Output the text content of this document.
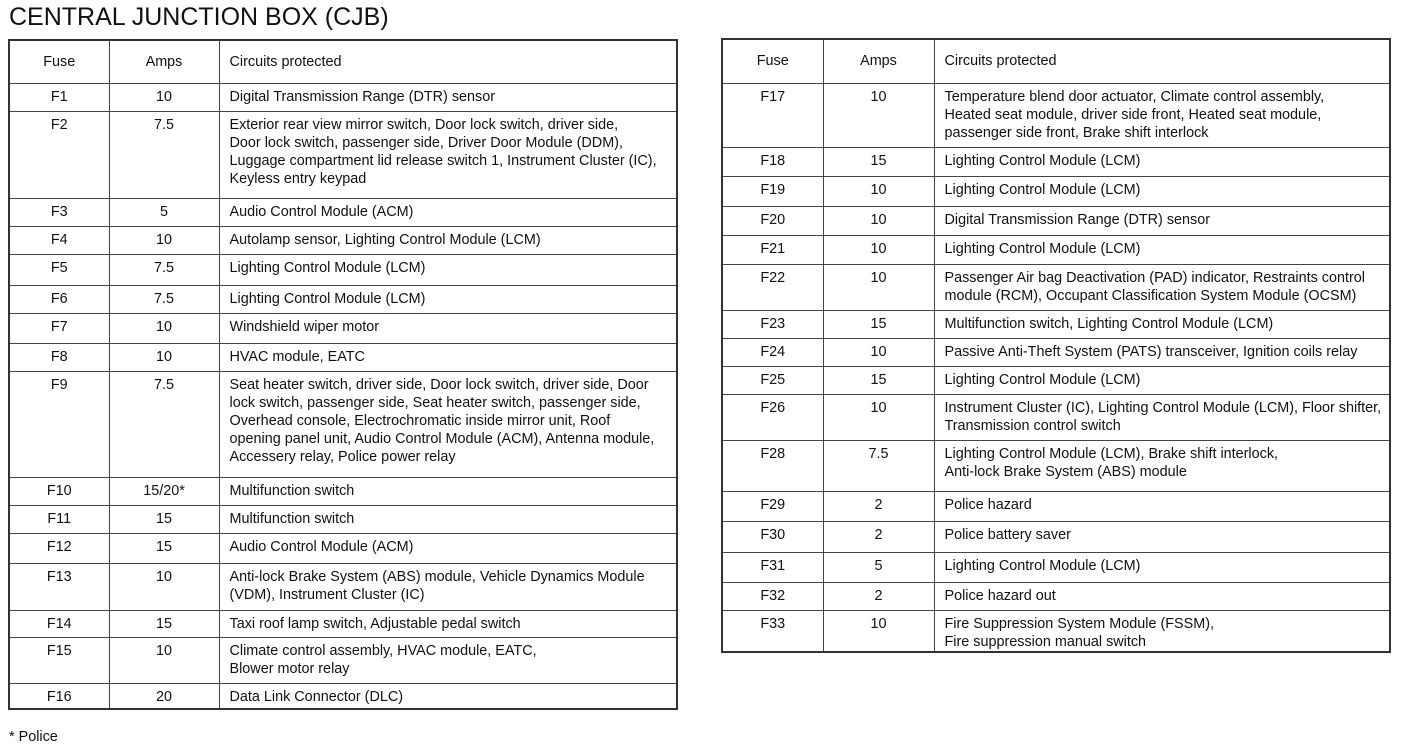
CENTRAL JUNCTION BOX (CJB)
Fuse	Amps	Circuits protected
F1	10	Digital Transmission Range (DTR) sensor

F2	7.5	Exterior rear view mirror switch, Door lock switch, driver side,
Door lock switch, passenger side, Driver Door Module (DDM),
Luggage compartment lid release switch 1, Instrument Cluster (IC),
Keyless entry keypad

F3	5	Audio Control Module (ACM)

F4	10	Autolamp sensor, Lighting Control Module (LCM)

F5	7.5	Lighting Control Module (LCM)

F6	7.5	Lighting Control Module (LCM)

F7	10	Windshield wiper motor

F8	10	HVAC module, EATC

F9	7.5	Seat heater switch, driver side, Door lock switch, driver side, Door
lock switch, passenger side, Seat heater switch, passenger side,
Overhead console, Electrochromatic inside mirror unit, Roof
opening panel unit, Audio Control Module (ACM), Antenna module,
Accessery relay, Police power relay

F10	15/20*	Multifunction switch

F11	15	Multifunction switch

F12	15	Audio Control Module (ACM)

F13	10	Anti-lock Brake System (ABS) module, Vehicle Dynamics Module
(VDM), Instrument Cluster (IC)

F14	15	Taxi roof lamp switch, Adjustable pedal switch

F15	10	Climate control assembly, HVAC module, EATC,
Blower motor relay

F16	20	Data Link Connector (DLC)
Fuse	Amps	Circuits protected
F17	10	Temperature blend door actuator, Climate control assembly,
Heated seat module, driver side front, Heated seat module,
passenger side front, Brake shift interlock

F18	15	Lighting Control Module (LCM)

F19	10	Lighting Control Module (LCM)

F20	10	Digital Transmission Range (DTR) sensor

F21	10	Lighting Control Module (LCM)

F22	10	Passenger Air bag Deactivation (PAD) indicator, Restraints control
module (RCM), Occupant Classification System Module (OCSM)

F23	15	Multifunction switch, Lighting Control Module (LCM)

F24	10	Passive Anti-Theft System (PATS) transceiver, Ignition coils relay

F25	15	Lighting Control Module (LCM)

F26	10	Instrument Cluster (IC), Lighting Control Module (LCM), Floor shifter,
Transmission control switch

F28	7.5	Lighting Control Module (LCM), Brake shift interlock,
Anti-lock Brake System (ABS) module

F29	2	Police hazard

F30	2	Police battery saver

F31	5	Lighting Control Module (LCM)

F32	2	Police hazard out

F33	10	Fire Suppression System Module (FSSM),
Fire suppression manual switch
* Police
